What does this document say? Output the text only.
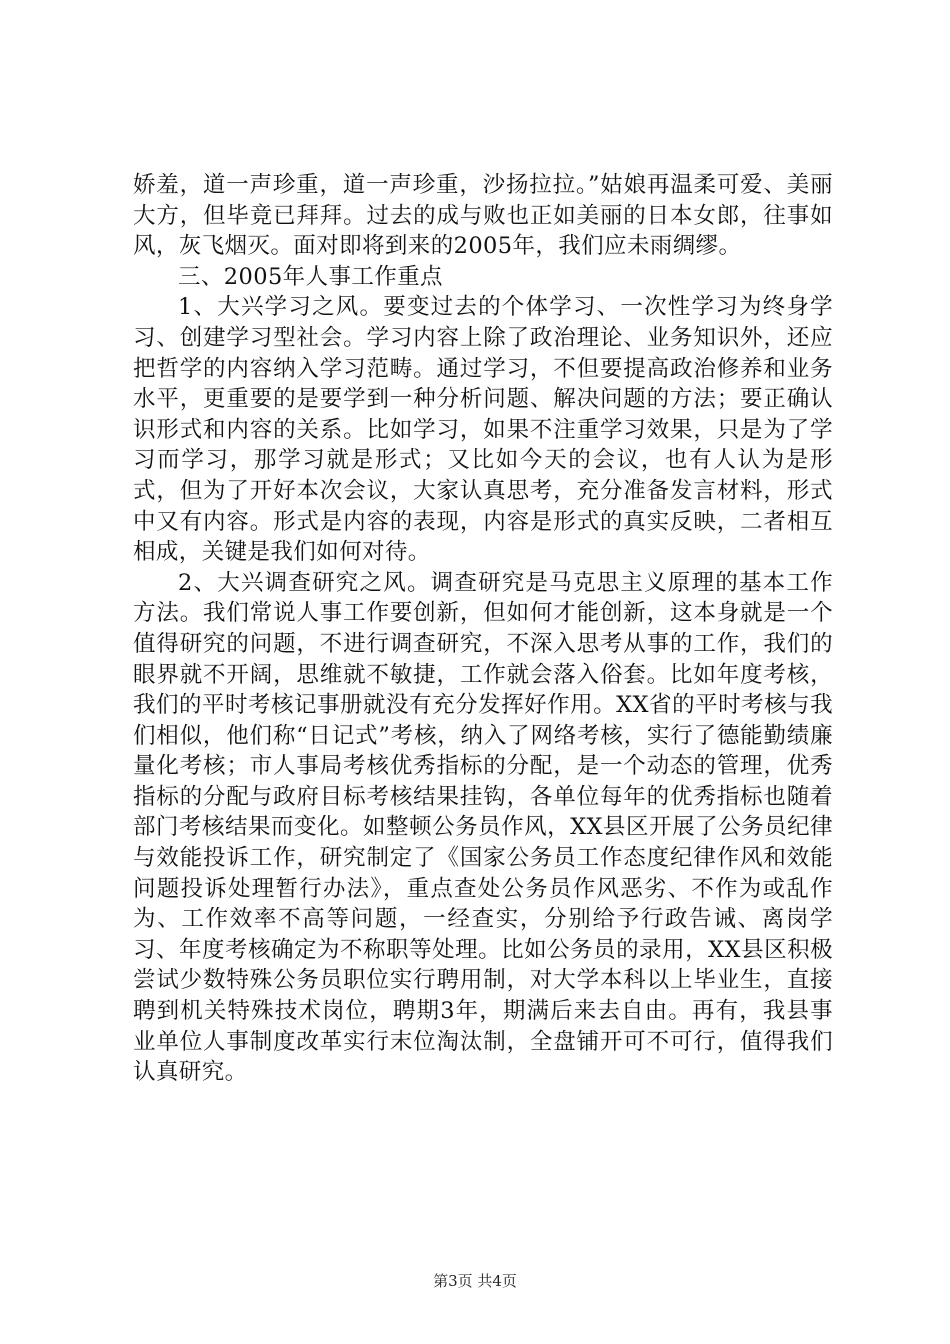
娇羞，道一声珍重，道一声珍重，沙扬拉拉。”姑娘再温柔可爱、美丽大方，但毕竟已拜拜。过去的成与败也正如美丽的日本女郎，往事如风，灰飞烟灭。面对即将到来的2005年，我们应未雨绸缪。

三、2005年人事工作重点

1、大兴学习之风。要变过去的个体学习、一次性学习为终身学习、创建学习型社会。学习内容上除了政治理论、业务知识外，还应把哲学的内容纳入学习范畴。通过学习，不但要提高政治修养和业务水平，更重要的是要学到一种分析问题、解决问题的方法；要正确认识形式和内容的关系。比如学习，如果不注重学习效果，只是为了学习而学习，那学习就是形式；又比如今天的会议，也有人认为是形式，但为了开好本次会议，大家认真思考，充分准备发言材料，形式中又有内容。形式是内容的表现，内容是形式的真实反映，二者相互相成，关键是我们如何对待。

2、大兴调查研究之风。调查研究是马克思主义原理的基本工作方法。我们常说人事工作要创新，但如何才能创新，这本身就是一个值得研究的问题，不进行调查研究，不深入思考从事的工作，我们的眼界就不开阔，思维就不敏捷，工作就会落入俗套。比如年度考核，我们的平时考核记事册就没有充分发挥好作用。XX省的平时考核与我们相似，他们称“日记式”考核，纳入了网络考核，实行了德能勤绩廉量化考核；市人事局考核优秀指标的分配，是一个动态的管理，优秀指标的分配与政府目标考核结果挂钩，各单位每年的优秀指标也随着部门考核结果而变化。如整顿公务员作风，XX县区开展了公务员纪律与效能投诉工作，研究制定了《国家公务员工作态度纪律作风和效能问题投诉处理暂行办法》，重点查处公务员作风恶劣、不作为或乱作为、工作效率不高等问题，一经查实，分别给予行政告诫、离岗学习、年度考核确定为不称职等处理。比如公务员的录用，XX县区积极尝试少数特殊公务员职位实行聘用制，对大学本科以上毕业生，直接聘到机关特殊技术岗位，聘期3年，期满后来去自由。再有，我县事业单位人事制度改革实行末位淘汰制，全盘铺开可不可行，值得我们认真研究。

第3页 共4页
